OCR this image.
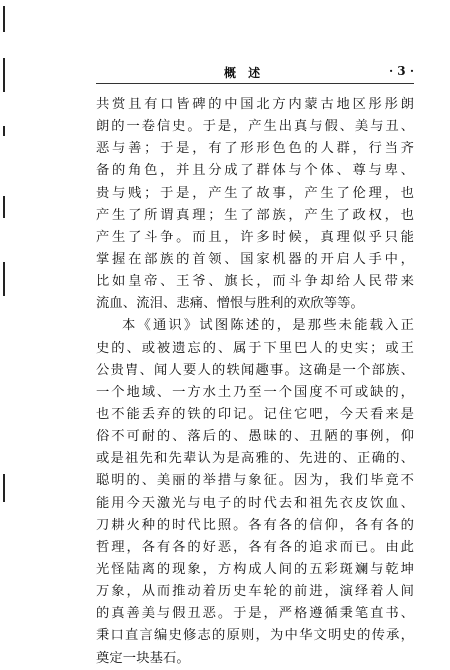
概 述	· 3 ·
共赏且有口皆碑的中国北方内蒙古地区彤彤朗
朗的一卷信史。于是，产生出真与假、美与丑、
恶与善；于是，有了形形色色的人群，行当齐
备的角色，并且分成了群体与个体、尊与卑、
贵与贱；于是，产生了故事，产生了伦理，也
产生了所谓真理；生了部族，产生了政权，也
产生了斗争。而且，许多时候，真理似乎只能
掌握在部族的首领、国家机器的开启人手中，
比如皇帝、王爷、旗长，而斗争却给人民带来
流血、流泪、悲痛、憎恨与胜利的欢欣等等。
本《通识》试图陈述的，是那些未能载入正
史的、或被遗忘的、属于下里巴人的史实；或王
公贵胄、闻人要人的轶闻趣事。这确是一个部族、
一个地域、一方水土乃至一个国度不可或缺的，
也不能丢弃的铁的印记。记住它吧，今天看来是
俗不可耐的、落后的、愚昧的、丑陋的事例，仰
或是祖先和先辈认为是高雅的、先进的、正确的、
聪明的、美丽的举措与象征。因为，我们毕竟不
能用今天激光与电子的时代去和祖先衣皮饮血、
刀耕火种的时代比照。各有各的信仰，各有各的
哲理，各有各的好恶，各有各的追求而已。由此
光怪陆离的现象，方构成人间的五彩斑斓与乾坤
万象，从而推动着历史车轮的前进，演绎着人间
的真善美与假丑恶。于是，严格遵循秉笔直书、
秉口直言编史修志的原则，为中华文明史的传承，
奠定一块基石。
